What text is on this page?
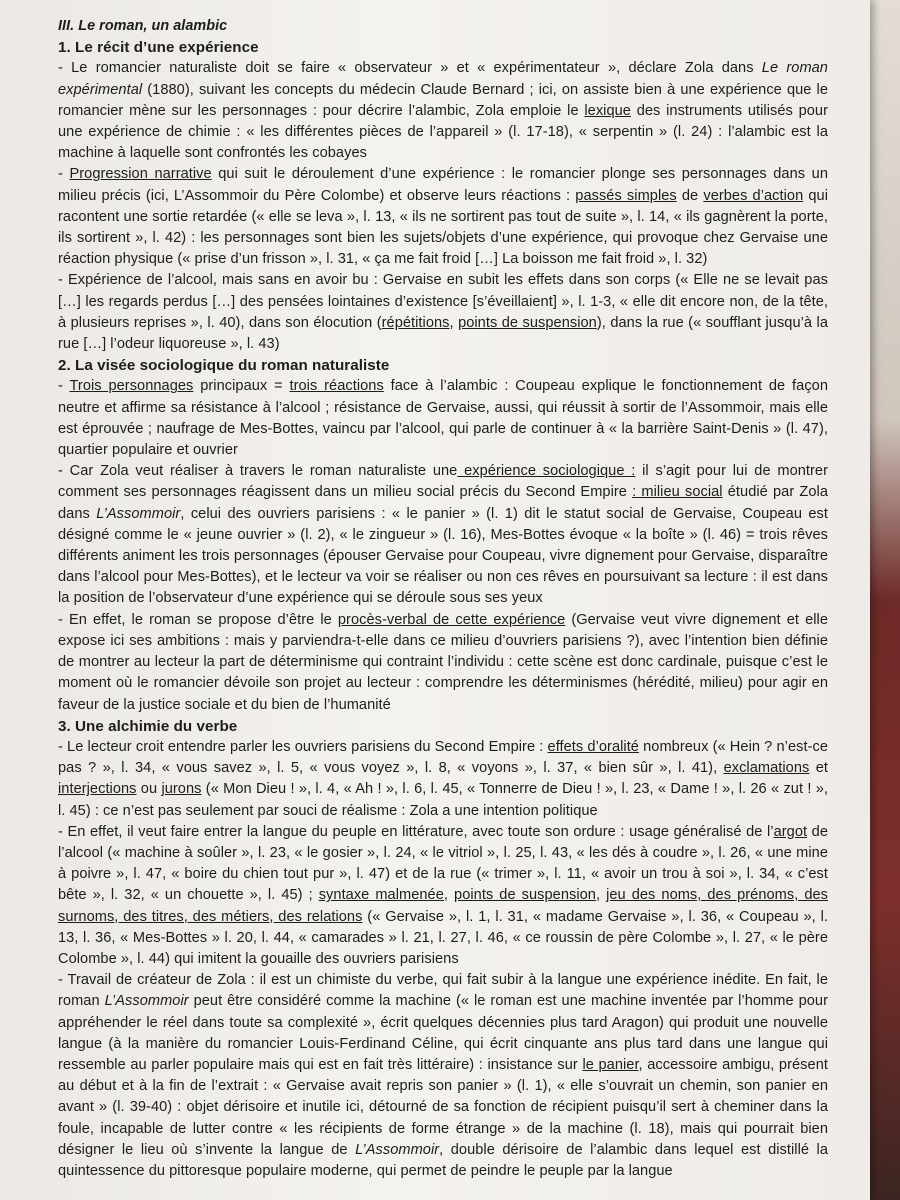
III. Le roman, un alambic

1. Le récit d’une expérience

- Le romancier naturaliste doit se faire « observateur » et « expérimentateur », déclare Zola dans Le roman expérimental (1880), suivant les concepts du médecin Claude Bernard ; ici, on assiste bien à une expérience que le romancier mène sur les personnages : pour décrire l’alambic, Zola emploie le lexique des instruments utilisés pour une expérience de chimie : « les différentes pièces de l’appareil » (l. 17-18), « serpentin » (l. 24) : l’alambic est la machine à laquelle sont confrontés les cobayes

- Progression narrative qui suit le déroulement d’une expérience : le romancier plonge ses personnages dans un milieu précis (ici, L’Assommoir du Père Colombe) et observe leurs réactions : passés simples de verbes d’action qui racontent une sortie retardée (« elle se leva », l. 13, « ils ne sortirent pas tout de suite », l. 14, « ils gagnèrent la porte, ils sortirent », l. 42) : les personnages sont bien les sujets/objets d’une expérience, qui provoque chez Gervaise une réaction physique (« prise d’un frisson », l. 31, « ça me fait froid […] La boisson me fait froid », l. 32)

- Expérience de l’alcool, mais sans en avoir bu : Gervaise en subit les effets dans son corps (« Elle ne se levait pas […] les regards perdus […] des pensées lointaines d’existence [s’éveillaient] », l. 1-3, « elle dit encore non, de la tête, à plusieurs reprises », l. 40), dans son élocution (répétitions, points de suspension), dans la rue (« soufflant jusqu’à la rue […] l’odeur liquoreuse », l. 43)

2. La visée sociologique du roman naturaliste

- Trois personnages principaux = trois réactions face à l’alambic : Coupeau explique le fonctionnement de façon neutre et affirme sa résistance à l’alcool ; résistance de Gervaise, aussi, qui réussit à sortir de l’Assommoir, mais elle est éprouvée ; naufrage de Mes-Bottes, vaincu par l’alcool, qui parle de continuer à « la barrière Saint-Denis » (l. 47), quartier populaire et ouvrier

- Car Zola veut réaliser à travers le roman naturaliste une expérience sociologique : il s’agit pour lui de montrer comment ses personnages réagissent dans un milieu social précis du Second Empire : milieu social étudié par Zola dans L’Assommoir, celui des ouvriers parisiens : « le panier » (l. 1) dit le statut social de Gervaise, Coupeau est désigné comme le « jeune ouvrier » (l. 2), « le zingueur » (l. 16), Mes-Bottes évoque « la boîte » (l. 46) = trois rêves différents animent les trois personnages (épouser Gervaise pour Coupeau, vivre dignement pour Gervaise, disparaître dans l’alcool pour Mes-Bottes), et le lecteur va voir se réaliser ou non ces rêves en poursuivant sa lecture : il est dans la position de l’observateur d’une expérience qui se déroule sous ses yeux

- En effet, le roman se propose d’être le procès-verbal de cette expérience (Gervaise veut vivre dignement et elle expose ici ses ambitions : mais y parviendra-t-elle dans ce milieu d’ouvriers parisiens ?), avec l’intention bien définie de montrer au lecteur la part de déterminisme qui contraint l’individu : cette scène est donc cardinale, puisque c’est le moment où le romancier dévoile son projet au lecteur : comprendre les déterminismes (hérédité, milieu) pour agir en faveur de la justice sociale et du bien de l’humanité

3. Une alchimie du verbe

- Le lecteur croit entendre parler les ouvriers parisiens du Second Empire : effets d’oralité nombreux (« Hein ? n’est-ce pas ? », l. 34, « vous savez », l. 5, « vous voyez », l. 8, « voyons », l. 37, « bien sûr », l. 41), exclamations et interjections ou jurons (« Mon Dieu ! », l. 4, « Ah ! », l. 6, l. 45, « Tonnerre de Dieu ! », l. 23, « Dame ! », l. 26 « zut ! », l. 45) : ce n’est pas seulement par souci de réalisme : Zola a une intention politique

- En effet, il veut faire entrer la langue du peuple en littérature, avec toute son ordure : usage généralisé de l’argot de l’alcool (« machine à soûler », l. 23, « le gosier », l. 24, « le vitriol », l. 25, l. 43, « les dés à coudre », l. 26, « une mine à poivre », l. 47, « boire du chien tout pur », l. 47) et de la rue (« trimer », l. 11, « avoir un trou à soi », l. 34, « c’est bête », l. 32, « un chouette », l. 45) ; syntaxe malmenée, points de suspension, jeu des noms, des prénoms, des surnoms, des titres, des métiers, des relations (« Gervaise », l. 1, l. 31, « madame Gervaise », l. 36, « Coupeau », l. 13, l. 36, « Mes-Bottes » l. 20, l. 44, « camarades » l. 21, l. 27, l. 46, « ce roussin de père Colombe », l. 27, « le père Colombe », l. 44) qui imitent la gouaille des ouvriers parisiens

- Travail de créateur de Zola : il est un chimiste du verbe, qui fait subir à la langue une expérience inédite. En fait, le roman L’Assommoir peut être considéré comme la machine (« le roman est une machine inventée par l’homme pour appréhender le réel dans toute sa complexité », écrit quelques décennies plus tard Aragon) qui produit une nouvelle langue (à la manière du romancier Louis-Ferdinand Céline, qui écrit cinquante ans plus tard dans une langue qui ressemble au parler populaire mais qui est en fait très littéraire) : insistance sur le panier, accessoire ambigu, présent au début et à la fin de l’extrait : « Gervaise avait repris son panier » (l. 1), « elle s’ouvrait un chemin, son panier en avant » (l. 39-40) : objet dérisoire et inutile ici, détourné de sa fonction de récipient puisqu’il sert à cheminer dans la foule, incapable de lutter contre « les récipients de forme étrange » de la machine (l. 18), mais qui pourrait bien désigner le lieu où s’invente la langue de L’Assommoir, double dérisoire de l’alambic dans lequel est distillé la quintessence du pittoresque populaire moderne, qui permet de peindre le peuple par la langue
